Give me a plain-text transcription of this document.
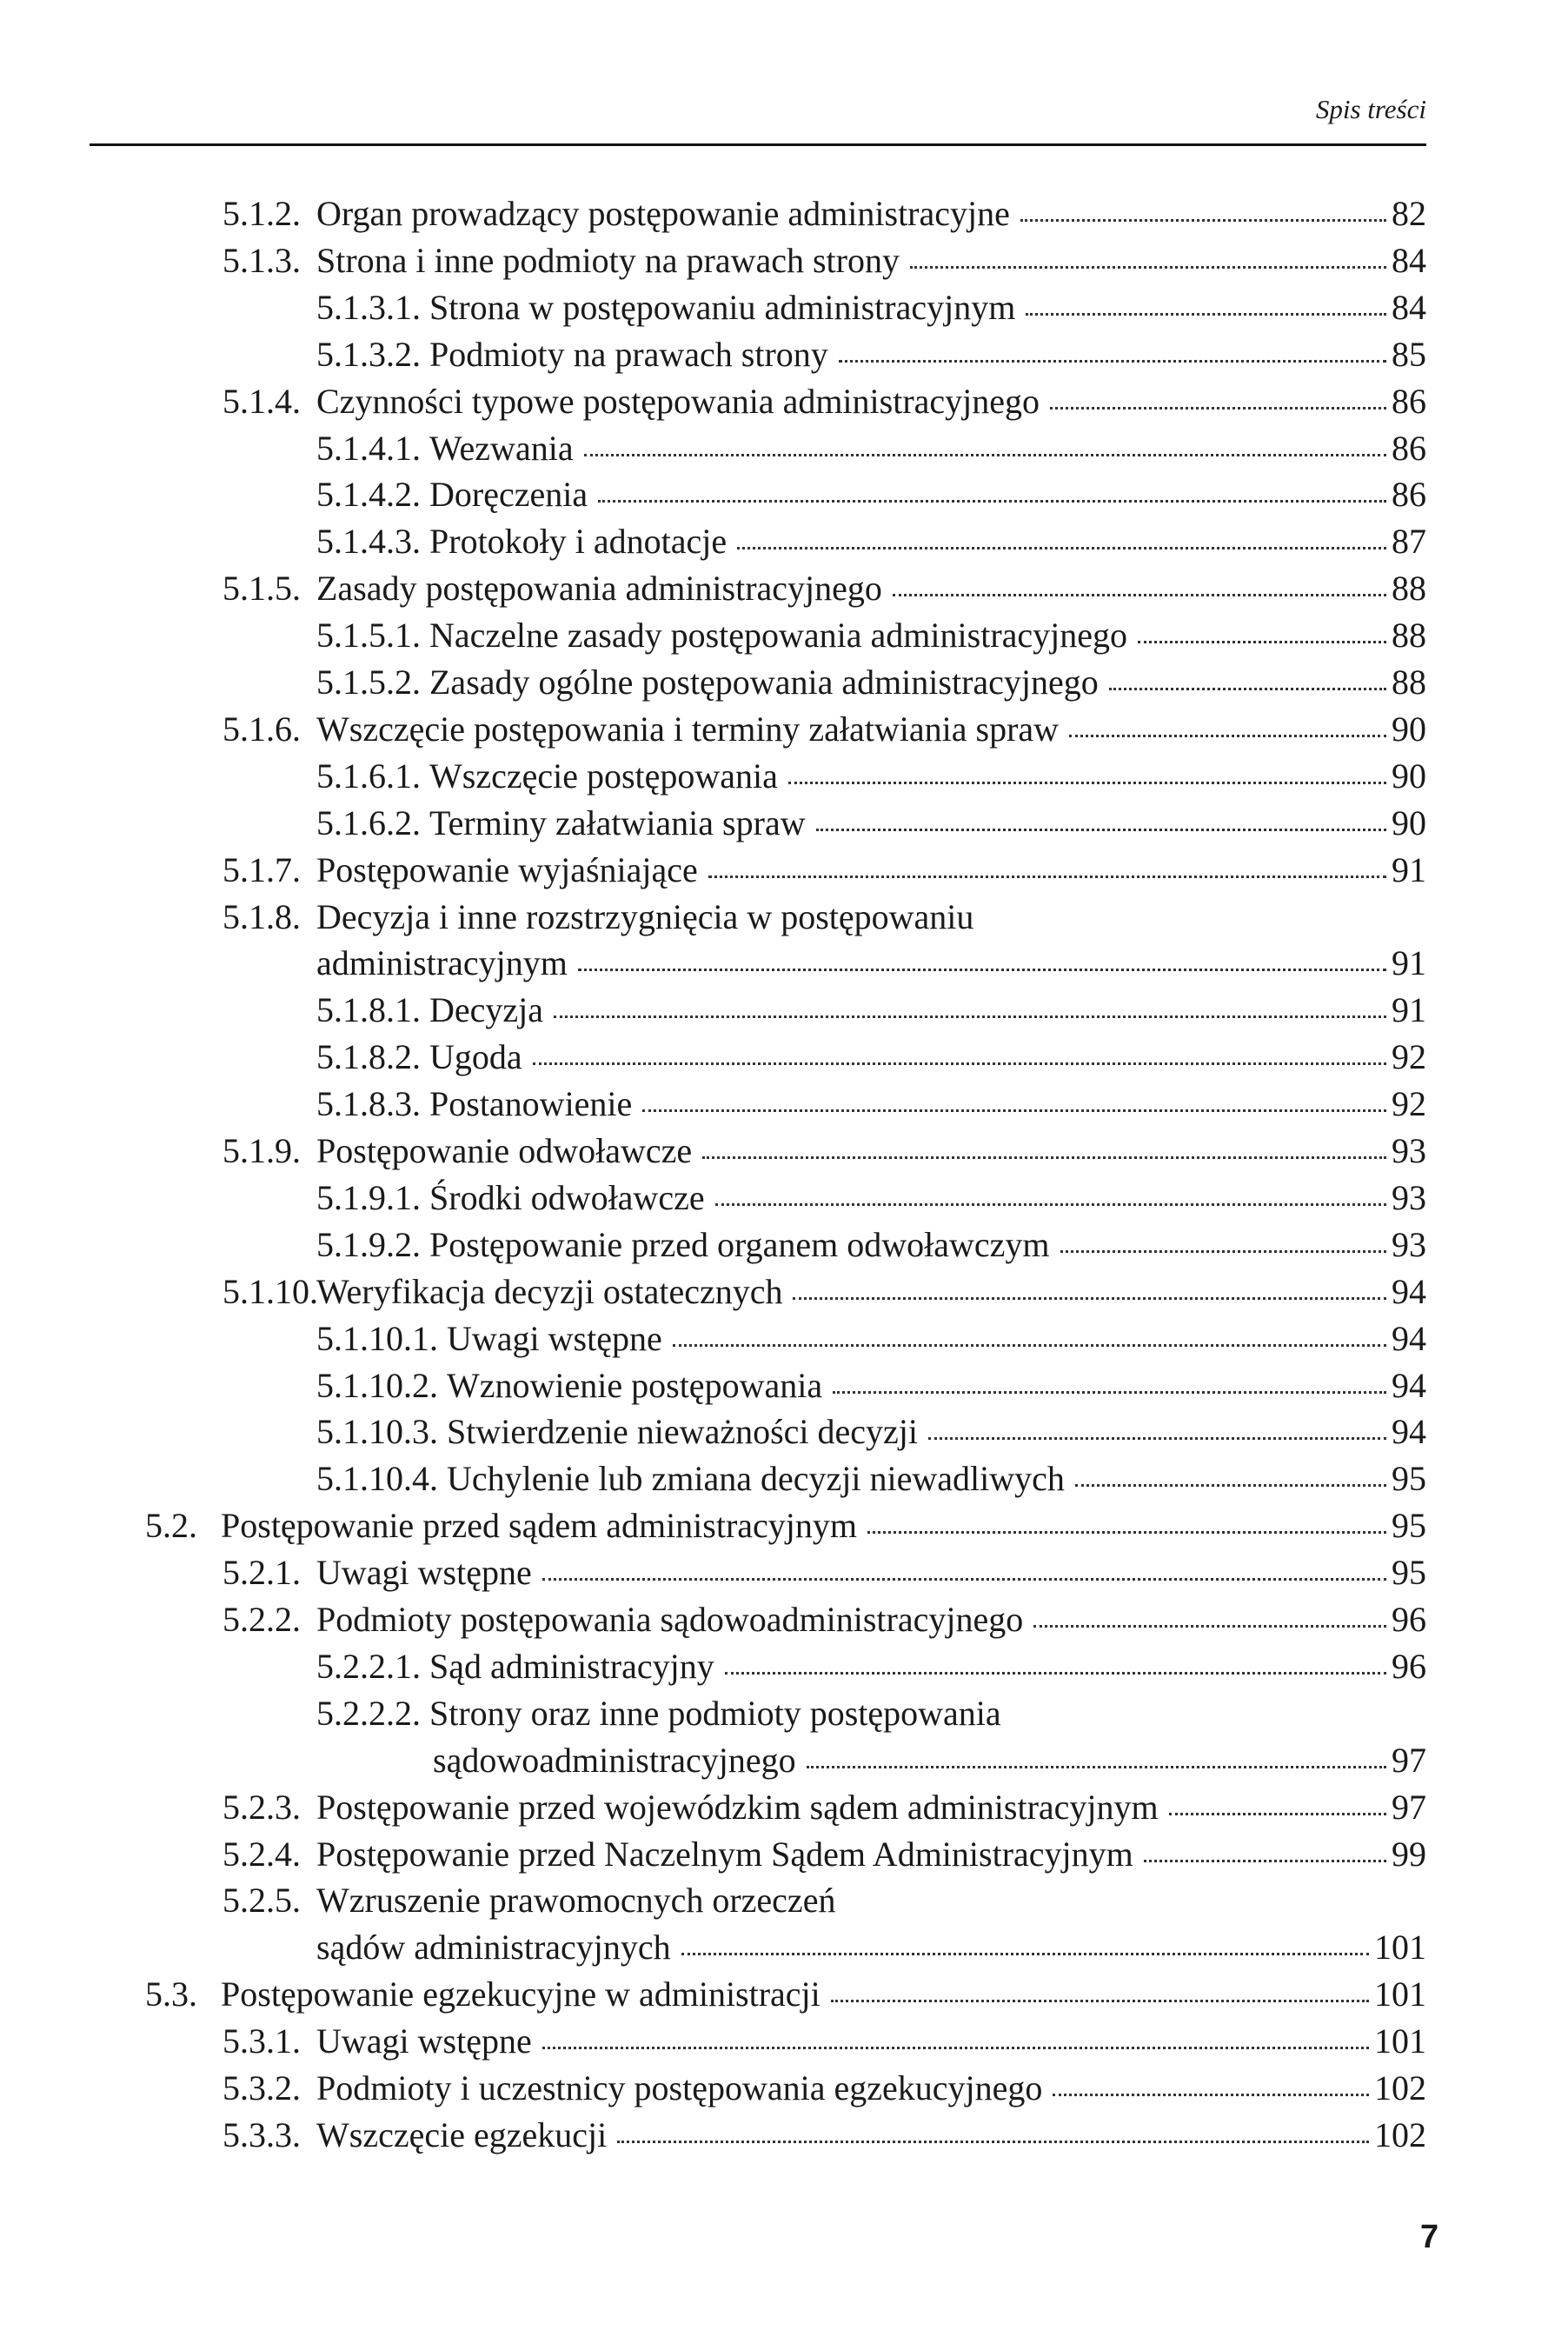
Spis treści
5.1.2. Organ prowadzący postępowanie administracyjne	82
5.1.3. Strona i inne podmioty na prawach strony	84
5.1.3.1. Strona w postępowaniu administracyjnym	84
5.1.3.2. Podmioty na prawach strony	85
5.1.4. Czynności typowe postępowania administracyjnego	86
5.1.4.1. Wezwania	86
5.1.4.2. Doręczenia	86
5.1.4.3. Protokoły i adnotacje	87
5.1.5. Zasady postępowania administracyjnego	88
5.1.5.1. Naczelne zasady postępowania administracyjnego	88
5.1.5.2. Zasady ogólne postępowania administracyjnego	88
5.1.6. Wszczęcie postępowania i terminy załatwiania spraw	90
5.1.6.1. Wszczęcie postępowania	90
5.1.6.2. Terminy załatwiania spraw	90
5.1.7. Postępowanie wyjaśniające	91
5.1.8. Decyzja i inne rozstrzygnięcia w postępowaniu
administracyjnym	91
5.1.8.1. Decyzja	91
5.1.8.2. Ugoda	92
5.1.8.3. Postanowienie	92
5.1.9. Postępowanie odwoławcze	93
5.1.9.1. Środki odwoławcze	93
5.1.9.2. Postępowanie przed organem odwoławczym	93
5.1.10.
Weryfikacja decyzji ostatecznych	94
5.1.10.1. Uwagi wstępne	94
5.1.10.2. Wznowienie postępowania	94
5.1.10.3. Stwierdzenie nieważności decyzji	94
5.1.10.4. Uchylenie lub zmiana decyzji niewadliwych	95
5.2. Postępowanie przed sądem administracyjnym	95
5.2.1. Uwagi wstępne	95
5.2.2. Podmioty postępowania sądowoadministracyjnego	96
5.2.2.1. Sąd administracyjny	96
5.2.2.2. Strony oraz inne podmioty postępowania
sądowoadministracyjnego	97
5.2.3. Postępowanie przed wojewódzkim sądem administracyjnym	97
5.2.4. Postępowanie przed Naczelnym Sądem Administracyjnym	99
5.2.5. Wzruszenie prawomocnych orzeczeń
sądów administracyjnych	101
5.3. Postępowanie egzekucyjne w administracji	101
5.3.1. Uwagi wstępne	101
5.3.2. Podmioty i uczestnicy postępowania egzekucyjnego	102
5.3.3. Wszczęcie egzekucji	102
7
